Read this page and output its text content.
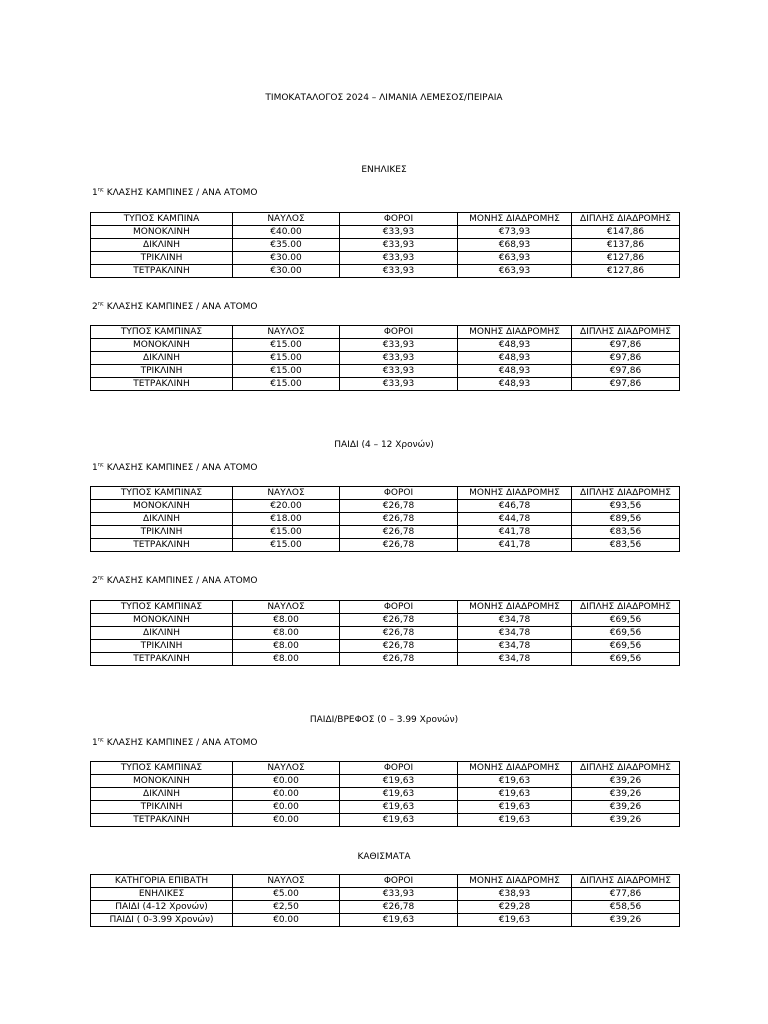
ΤΙΜΟΚΑΤΑΛΟΓΟΣ 2024 – ΛΙΜΑΝΙΑ ΛΕΜΕΣΟΣ/ΠΕΙΡΑΙΑ
ΕΝΗΛΙΚΕΣ
$1^{\eta\varsigma}$ ΚΛΑΣΗΣ ΚΑΜΠΙΝΕΣ / ΑΝΑ ΑΤΟΜΟ
ΤΥΠΟΣ ΚΑΜΠΙΝΑ	ΝΑΥΛΟΣ	ΦΟΡΟΙ	ΜΟΝΗΣ ΔΙΑΔΡΟΜΗΣ	ΔΙΠΛΗΣ ΔΙΑΔΡΟΜΗΣ
ΜΟΝΟΚΛΙΝΗ	€40.00	€33,93	€73,93	€147,86
ΔΙΚΛΙΝΗ	€35.00	€33,93	€68,93	€137,86
ΤΡΙΚΛΙΝΗ	€30.00	€33,93	€63,93	€127,86
ΤΕΤΡΑΚΛΙΝΗ	€30.00	€33,93	€63,93	€127,86
$2^{\eta\varsigma}$ ΚΛΑΣΗΣ ΚΑΜΠΙΝΕΣ / ΑΝΑ ΑΤΟΜΟ
ΤΥΠΟΣ ΚΑΜΠΙΝΑΣ	ΝΑΥΛΟΣ	ΦΟΡΟΙ	ΜΟΝΗΣ ΔΙΑΔΡΟΜΗΣ	ΔΙΠΛΗΣ ΔΙΑΔΡΟΜΗΣ
ΜΟΝΟΚΛΙΝΗ	€15.00	€33,93	€48,93	€97,86
ΔΙΚΛΙΝΗ	€15.00	€33,93	€48,93	€97,86
ΤΡΙΚΛΙΝΗ	€15.00	€33,93	€48,93	€97,86
ΤΕΤΡΑΚΛΙΝΗ	€15.00	€33,93	€48,93	€97,86
ΠΑΙΔΙ (4 – 12 Χρονών)
$1^{\eta\varsigma}$ ΚΛΑΣΗΣ ΚΑΜΠΙΝΕΣ / ΑΝΑ ΑΤΟΜΟ
ΤΥΠΟΣ ΚΑΜΠΙΝΑΣ	ΝΑΥΛΟΣ	ΦΟΡΟΙ	ΜΟΝΗΣ ΔΙΑΔΡΟΜΗΣ	ΔΙΠΛΗΣ ΔΙΑΔΡΟΜΗΣ
ΜΟΝΟΚΛΙΝΗ	€20.00	€26,78	€46,78	€93,56
ΔΙΚΛΙΝΗ	€18.00	€26,78	€44,78	€89,56
ΤΡΙΚΛΙΝΗ	€15.00	€26,78	€41,78	€83,56
ΤΕΤΡΑΚΛΙΝΗ	€15.00	€26,78	€41,78	€83,56
$2^{\eta\varsigma}$ ΚΛΑΣΗΣ ΚΑΜΠΙΝΕΣ / ΑΝΑ ΑΤΟΜΟ
ΤΥΠΟΣ ΚΑΜΠΙΝΑΣ	ΝΑΥΛΟΣ	ΦΟΡΟΙ	ΜΟΝΗΣ ΔΙΑΔΡΟΜΗΣ	ΔΙΠΛΗΣ ΔΙΑΔΡΟΜΗΣ
ΜΟΝΟΚΛΙΝΗ	€8.00	€26,78	€34,78	€69,56
ΔΙΚΛΙΝΗ	€8.00	€26,78	€34,78	€69,56
ΤΡΙΚΛΙΝΗ	€8.00	€26,78	€34,78	€69,56
ΤΕΤΡΑΚΛΙΝΗ	€8.00	€26,78	€34,78	€69,56
ΠΑΙΔΙ/ΒΡΕΦΟΣ (0 – 3.99 Χρονών)
$1^{\eta\varsigma}$ ΚΛΑΣΗΣ ΚΑΜΠΙΝΕΣ / ΑΝΑ ΑΤΟΜΟ
ΤΥΠΟΣ ΚΑΜΠΙΝΑΣ	ΝΑΥΛΟΣ	ΦΟΡΟΙ	ΜΟΝΗΣ ΔΙΑΔΡΟΜΗΣ	ΔΙΠΛΗΣ ΔΙΑΔΡΟΜΗΣ
ΜΟΝΟΚΛΙΝΗ	€0.00	€19,63	€19,63	€39,26
ΔΙΚΛΙΝΗ	€0.00	€19,63	€19,63	€39,26
ΤΡΙΚΛΙΝΗ	€0.00	€19,63	€19,63	€39,26
ΤΕΤΡΑΚΛΙΝΗ	€0.00	€19,63	€19,63	€39,26
ΚΑΘΙΣΜΑΤΑ
ΚΑΤΗΓΟΡΙΑ ΕΠΙΒΑΤΗ	ΝΑΥΛΟΣ	ΦΟΡΟΙ	ΜΟΝΗΣ ΔΙΑΔΡΟΜΗΣ	ΔΙΠΛΗΣ ΔΙΑΔΡΟΜΗΣ
ΕΝΗΛΙΚΕΣ	€5.00	€33,93	€38,93	€77,86
ΠΑΙΔΙ (4-12 Χρονών)	€2,50	€26,78	€29,28	€58,56
ΠΑΙΔΙ ( 0-3.99 Χρονών)	€0.00	€19,63	€19,63	€39,26
